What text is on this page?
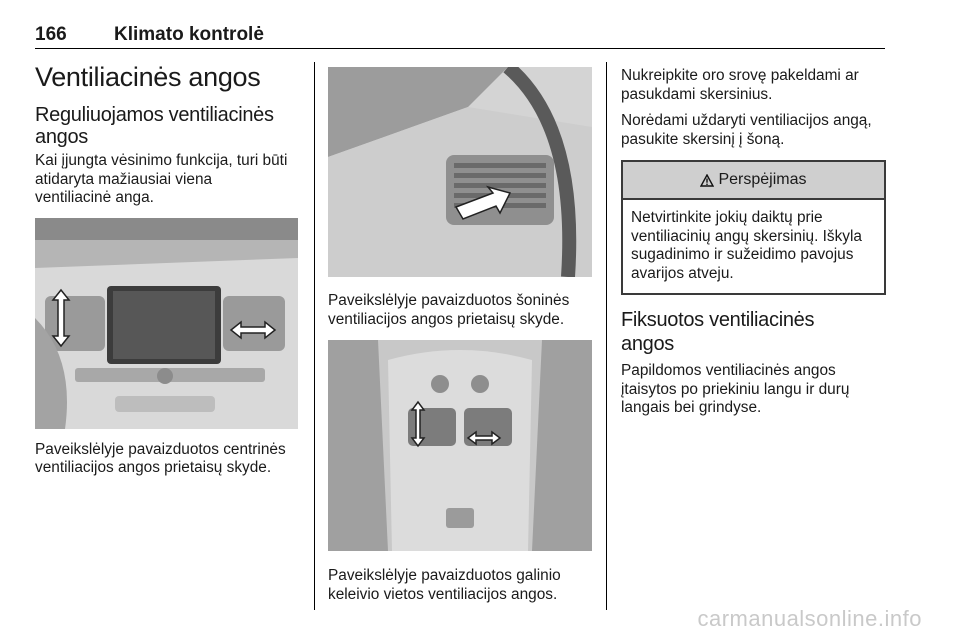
166 Klimato kontrolė
Ventiliacinės angos
Reguliuojamos ventiliacinės
angos

Kai įjungta vėsinimo funkcija, turi būti
atidaryta mažiausiai viena
ventiliacinė anga.

Paveikslėlyje pavaizduotos centrinės
ventiliacijos angos prietaisų skyde.

Paveikslėlyje pavaizduotos šoninės
ventiliacijos angos prietaisų skyde.

Paveikslėlyje pavaizduotos galinio
keleivio vietos ventiliacijos angos.

Nukreipkite oro srovę pakeldami ar
pasukdami skersinius.

Norėdami uždaryti ventiliacijos angą,
pasukite skersinį į šoną.

Perspėjimas
Netvirtinkite jokių daiktų prie
ventiliacinių angų skersinių. Iškyla
sugadinimo ir sužeidimo pavojus
avarijos atveju.
Fiksuotos ventiliacinės
angos

Papildomos ventiliacinės angos
įtaisytos po priekiniu langu ir durų
langais bei grindyse.

carmanualsonline.info
